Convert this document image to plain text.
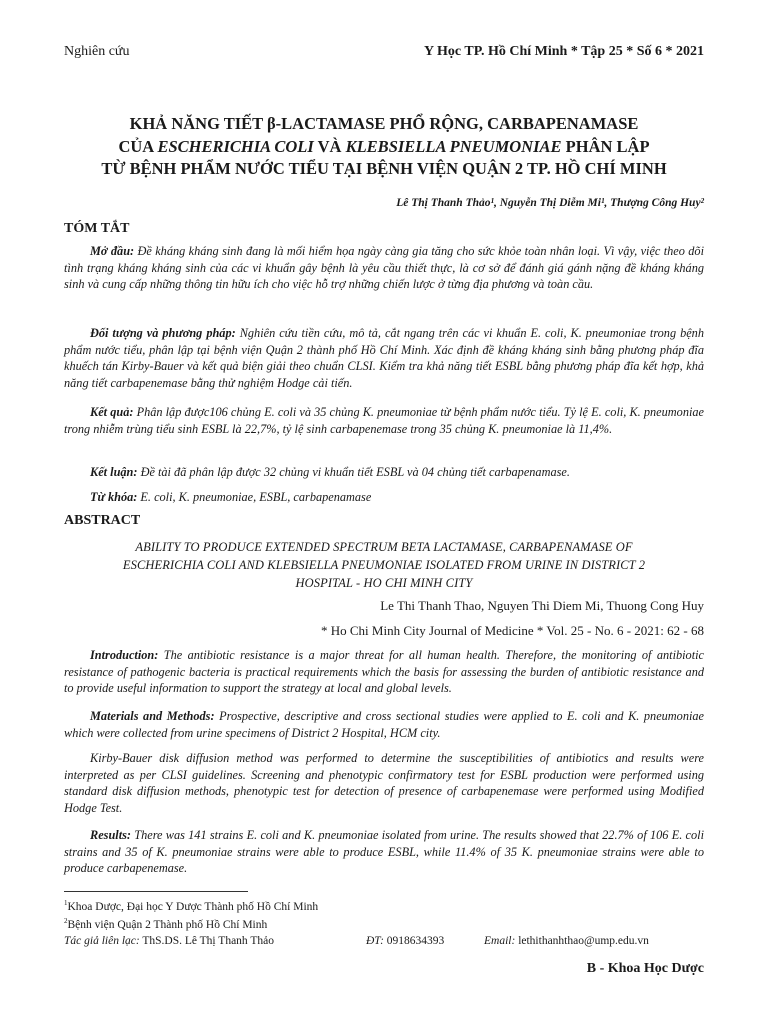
Nghiên cứu	Y Học TP. Hồ Chí Minh * Tập 25 * Số 6 * 2021
KHẢ NĂNG TIẾT β-LACTAMASE PHỔ RỘNG, CARBAPENAMASE
CỦA ESCHERICHIA COLI VÀ KLEBSIELLA PNEUMONIAE PHÂN LẬP
TỪ BỆNH PHẨM NƯỚC TIỂU TẠI BỆNH VIỆN QUẬN 2 TP. HỒ CHÍ MINH
Lê Thị Thanh Thảo¹, Nguyễn Thị Diễm Mi¹, Thượng Công Huy²
TÓM TẮT
Mở đầu: Đề kháng kháng sinh đang là mối hiểm họa ngày càng gia tăng cho sức khỏe toàn nhân loại. Vì vậy, việc theo dõi tình trạng kháng kháng sinh của các vi khuẩn gây bệnh là yêu cầu thiết thực, là cơ sở để đánh giá gánh nặng đề kháng kháng sinh và cung cấp những thông tin hữu ích cho việc hỗ trợ những chiến lược ở từng địa phương và toàn cầu.
Đối tượng và phương pháp: Nghiên cứu tiền cứu, mô tả, cắt ngang trên các vi khuẩn E. coli, K. pneumoniae trong bệnh phẩm nước tiểu, phân lập tại bệnh viện Quận 2 thành phố Hồ Chí Minh. Xác định đề kháng kháng sinh bằng phương pháp đĩa khuếch tán Kirby-Bauer và kết quả biện giải theo chuẩn CLSI. Kiểm tra khả năng tiết ESBL bằng phương pháp đĩa kết hợp, khả năng tiết carbapenemase bằng thử nghiệm Hodge cải tiến.
Kết quả: Phân lập được106 chủng E. coli và 35 chủng K. pneumoniae từ bệnh phẩm nước tiểu. Tỷ lệ E. coli, K. pneumoniae trong nhiễm trùng tiểu sinh ESBL là 22,7%, tỷ lệ sinh carbapenemase trong 35 chủng K. pneumoniae là 11,4%.
Kết luận: Đề tài đã phân lập được 32 chủng vi khuẩn tiết ESBL và 04 chủng tiết carbapenamase.
Từ khóa: E. coli, K. pneumoniae, ESBL, carbapenamase
ABSTRACT
ABILITY TO PRODUCE EXTENDED SPECTRUM BETA LACTAMASE, CARBAPENAMASE OF
ESCHERICHIA COLI AND KLEBSIELLA PNEUMONIAE ISOLATED FROM URINE IN DISTRICT 2
HOSPITAL - HO CHI MINH CITY
Le Thi Thanh Thao, Nguyen Thi Diem Mi, Thuong Cong Huy
* Ho Chi Minh City Journal of Medicine * Vol. 25 - No. 6 - 2021: 62 - 68
Introduction: The antibiotic resistance is a major threat for all human health. Therefore, the monitoring of antibiotic resistance of pathogenic bacteria is practical requirements which the basis for assessing the burden of antibiotic resistance and to provide useful information to support the strategy at local and global levels.
Materials and Methods: Prospective, descriptive and cross sectional studies were applied to E. coli and K. pneumoniae which were collected from urine specimens of District 2 Hospital, HCM city.
Kirby-Bauer disk diffusion method was performed to determine the susceptibilities of antibiotics and results were interpreted as per CLSI guidelines. Screening and phenotypic confirmatory test for ESBL production were performed using standard disk diffusion methods, phenotypic test for detection of presence of carbapenemase were performed using Modified Hodge Test.
Results: There was 141 strains E. coli and K. pneumoniae isolated from urine. The results showed that 22.7% of 106 E. coli strains and 35 of K. pneumoniae strains were able to produce ESBL, while 11.4% of 35 K. pneumoniae strains were able to produce carbapenemase.
$^1$Khoa Dược, Đại học Y Dược Thành phố Hồ Chí Minh
$^2$Bệnh viện Quận 2 Thành phố Hồ Chí Minh
Tác giả liên lạc: ThS.DS. Lê Thị Thanh Thảo	ĐT: 0918634393	Email: lethithanhthao@ump.edu.vn
B - Khoa Học Dược
